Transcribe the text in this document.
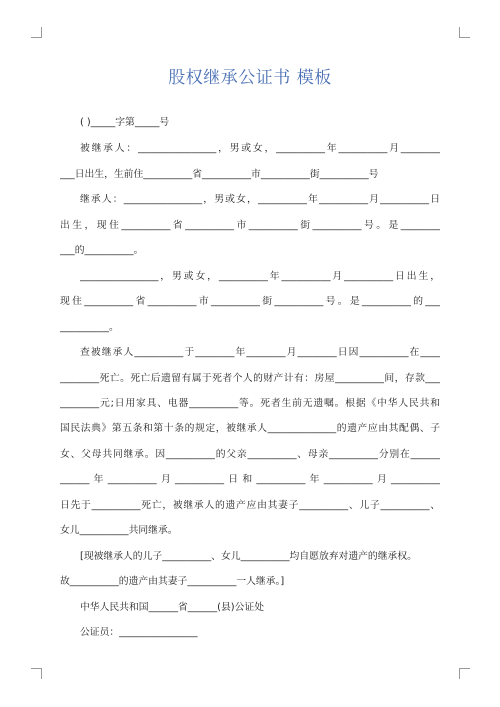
股权继承公证书 模板
( )_____字第_____号
被继承人：________________，男或女，__________年__________月________
___日出生，生前住__________省__________市__________街__________号
继承人：________________，男或女，__________年__________月__________日
出生，现住__________省__________市__________街__________号。是________
___的__________。
________________，男或女，__________年__________月__________日出生，
现住__________省__________市__________街__________号。是__________的___
__________。
查被继承人__________于________年________月________日因__________在____
________死亡。死亡后遗留有属于死者个人的财产计有：房屋__________间，存款___
________元;日用家具、电器__________等。死者生前无遗嘱。根据《中华人民共和
国民法典》第五条和第十条的规定，被继承人______________的遗产应由其配偶、子
女、父母共同继承。因__________的父亲__________、母亲__________分别在______
______年__________月__________日和__________年__________月__________
日先于__________死亡，被继承人的遗产应由其妻子__________、儿子__________、
女儿__________共同继承。
[现被继承人的儿子__________、女儿__________均自愿放弃对遗产的继承权。
故__________的遗产由其妻子__________一人继承。]
中华人民共和国______省______(县)公证处
公证员：________________
